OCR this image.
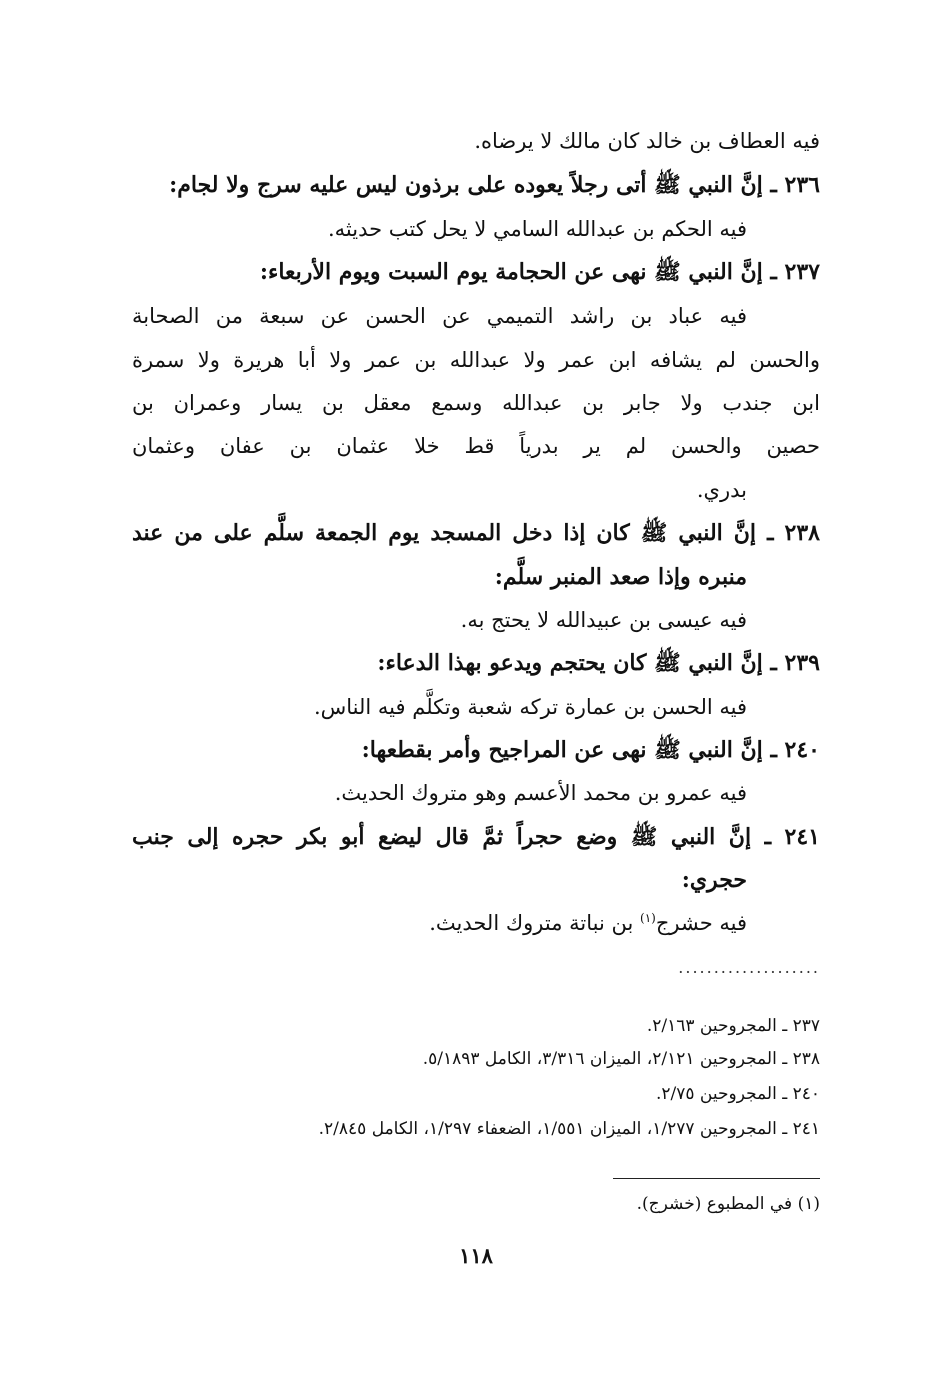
فيه العطاف بن خالد كان مالك لا يرضاه.
٢٣٦ ـ إنَّ النبي ﷺ أتى رجلاً يعوده على برذون ليس عليه سرج ولا لجام:
فيه الحكم بن عبدالله السامي لا يحل كتب حديثه.
٢٣٧ ـ إنَّ النبي ﷺ نهى عن الحجامة يوم السبت ويوم الأربعاء:
فيه عباد بن راشد التميمي عن الحسن عن سبعة من الصحابة
والحسن لم يشافه ابن عمر ولا عبدالله بن عمر ولا أبا هريرة ولا سمرة
ابن جندب ولا جابر بن عبدالله وسمع معقل بن يسار وعمران بن
حصين والحسن لم ير بدرياً قط خلا عثمان بن عفان وعثمان
بدري.
٢٣٨ ـ إنَّ النبي ﷺ كان إذا دخل المسجد يوم الجمعة سلَّم على من عند
منبره وإذا صعد المنبر سلَّم:
فيه عيسى بن عبيدالله لا يحتج به.
٢٣٩ ـ إنَّ النبي ﷺ كان يحتجم ويدعو بهذا الدعاء:
فيه الحسن بن عمارة تركه شعبة وتكلَّم فيه الناس.
٢٤٠ ـ إنَّ النبي ﷺ نهى عن المراجيح وأمر بقطعها:
فيه عمرو بن محمد الأعسم وهو متروك الحديث.
٢٤١ ـ إنَّ النبي ﷺ وضع حجراً ثمَّ قال ليضع أبو بكر حجره إلى جنب
حجري:
فيه حشرج$^{(١)}$ بن نباتة متروك الحديث.
....................
٢٣٧ ـ المجروحين ٢/١٦٣.
٢٣٨ ـ المجروحين ٢/١٢١، الميزان ٣/٣١٦، الكامل ٥/١٨٩٣.
٢٤٠ ـ المجروحين ٢/٧٥.
٢٤١ ـ المجروحين ١/٢٧٧، الميزان ١/٥٥١، الضعفاء ١/٢٩٧، الكامل ٢/٨٤٥.
(١) في المطبوع (خشرج).
١١٨
